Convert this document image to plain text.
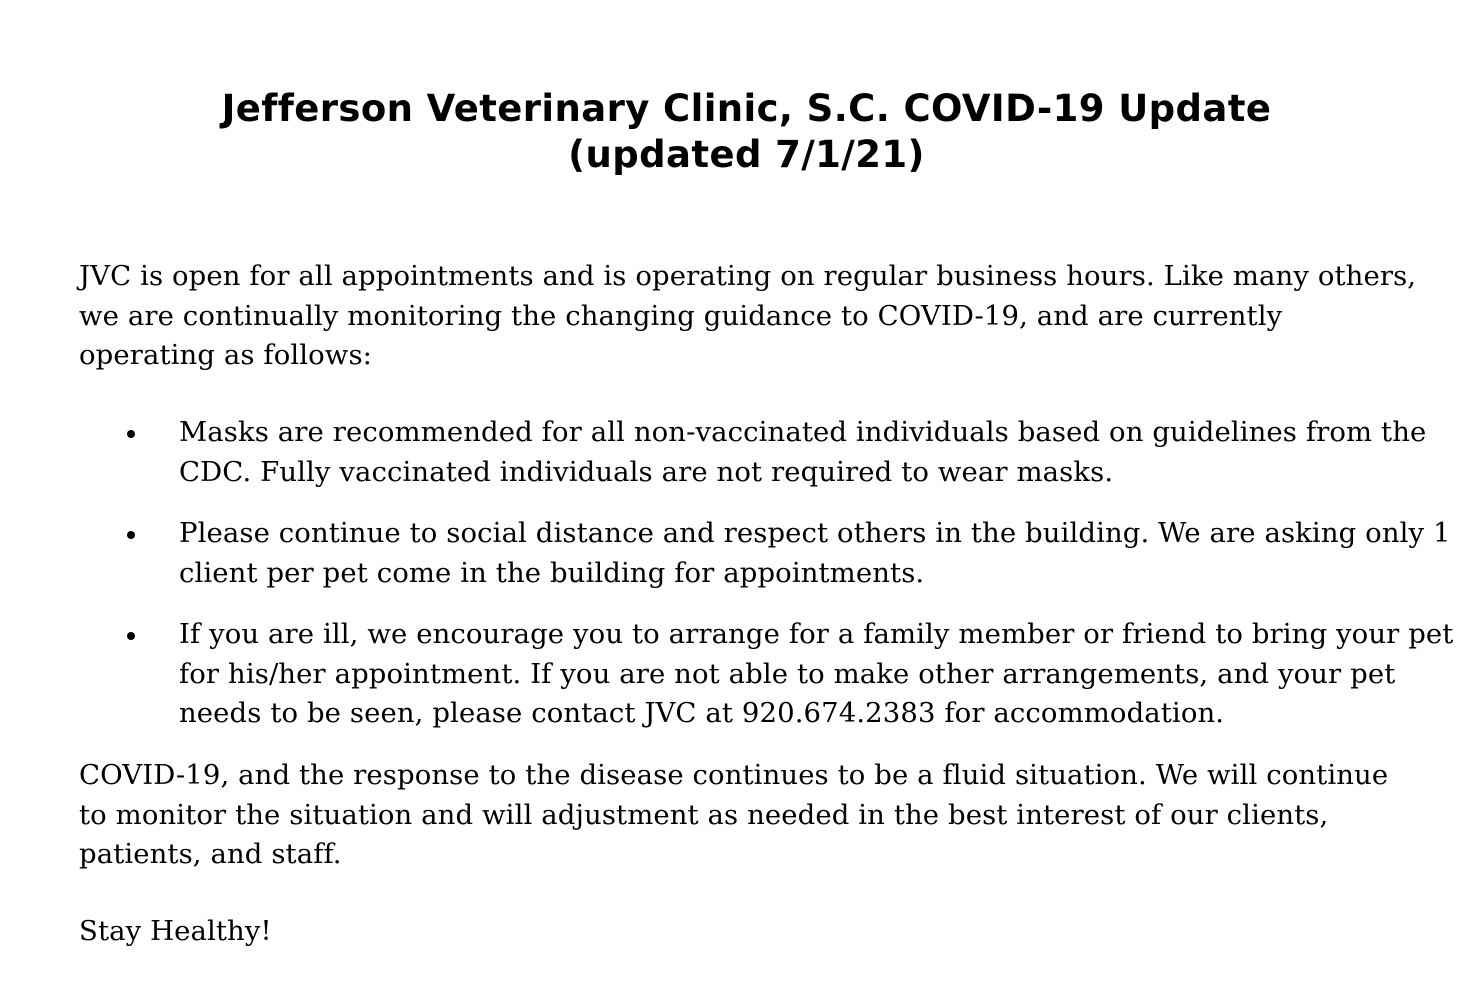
Jefferson Veterinary Clinic, S.C. COVID-19 Update
(updated 7/1/21)

JVC is open for all appointments and is operating on regular business hours. Like many others, we are continually monitoring the changing guidance to COVID-19, and are currently operating as follows:

Masks are recommended for all non-vaccinated individuals based on guidelines from the CDC. Fully vaccinated individuals are not required to wear masks.
Please continue to social distance and respect others in the building. We are asking only 1 client per pet come in the building for appointments.
If you are ill, we encourage you to arrange for a family member or friend to bring your pet for his/her appointment. If you are not able to make other arrangements, and your pet needs to be seen, please contact JVC at 920.674.2383 for accommodation.

COVID-19, and the response to the disease continues to be a fluid situation. We will continue to monitor the situation and will adjustment as needed in the best interest of our clients, patients, and staff.

Stay Healthy!
